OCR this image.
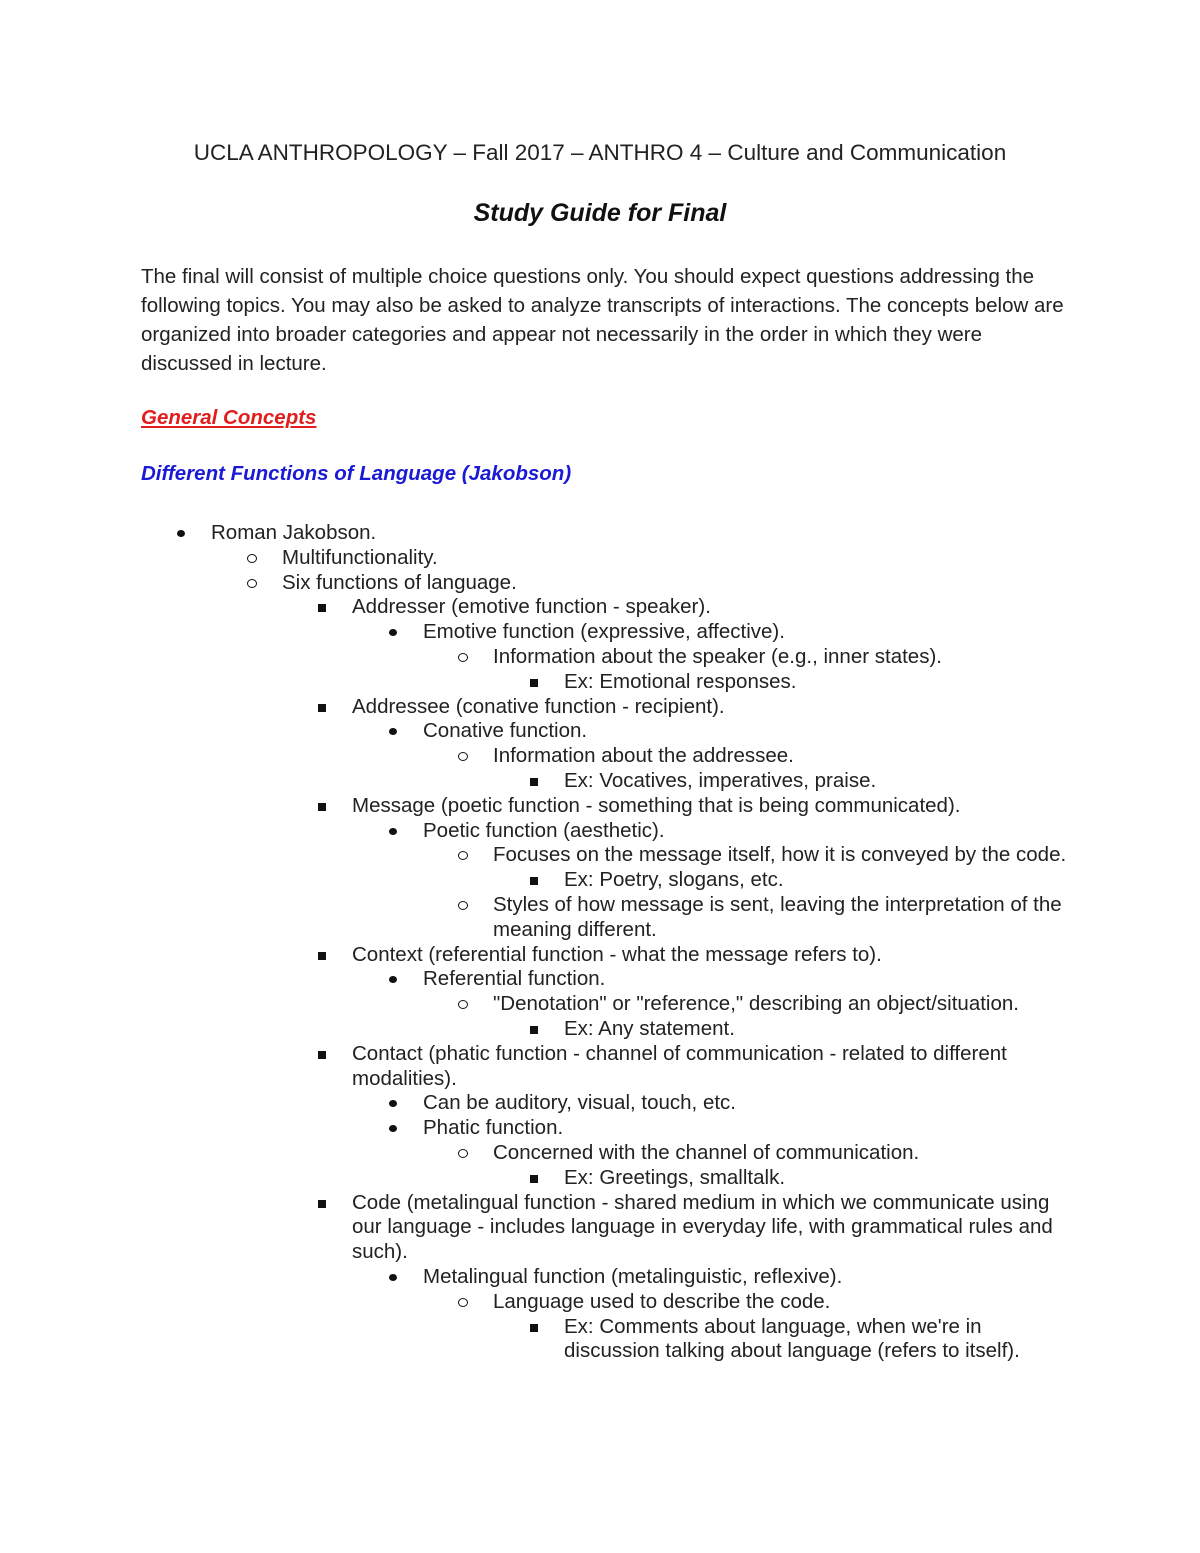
UCLA ANTHROPOLOGY – Fall 2017 – ANTHRO 4 – Culture and Communication
Study Guide for Final

The final will consist of multiple choice questions only. You should expect questions addressing the following topics. You may also be asked to analyze transcripts of interactions. The concepts below are organized into broader categories and appear not necessarily in the order in which they were discussed in lecture.

General Concepts
Different Functions of Language (Jakobson)
Roman Jakobson.
Multifunctionality.
Six functions of language.
Addresser (emotive function - speaker).
Emotive function (expressive, affective).
Information about the speaker (e.g., inner states).
Ex: Emotional responses.
Addressee (conative function - recipient).
Conative function.
Information about the addressee.
Ex: Vocatives, imperatives, praise.
Message (poetic function - something that is being communicated).
Poetic function (aesthetic).
Focuses on the message itself, how it is conveyed by the code.
Ex: Poetry, slogans, etc.
Styles of how message is sent, leaving the interpretation of the meaning different.
Context (referential function - what the message refers to).
Referential function.
"Denotation" or "reference," describing an object/situation.
Ex: Any statement.
Contact (phatic function - channel of communication - related to different modalities).
Can be auditory, visual, touch, etc.
Phatic function.
Concerned with the channel of communication.
Ex: Greetings, smalltalk.
Code (metalingual function - shared medium in which we communicate using our language - includes language in everyday life, with grammatical rules and such).
Metalingual function (metalinguistic, reflexive).
Language used to describe the code.
Ex: Comments about language, when we're in discussion talking about language (refers to itself).
